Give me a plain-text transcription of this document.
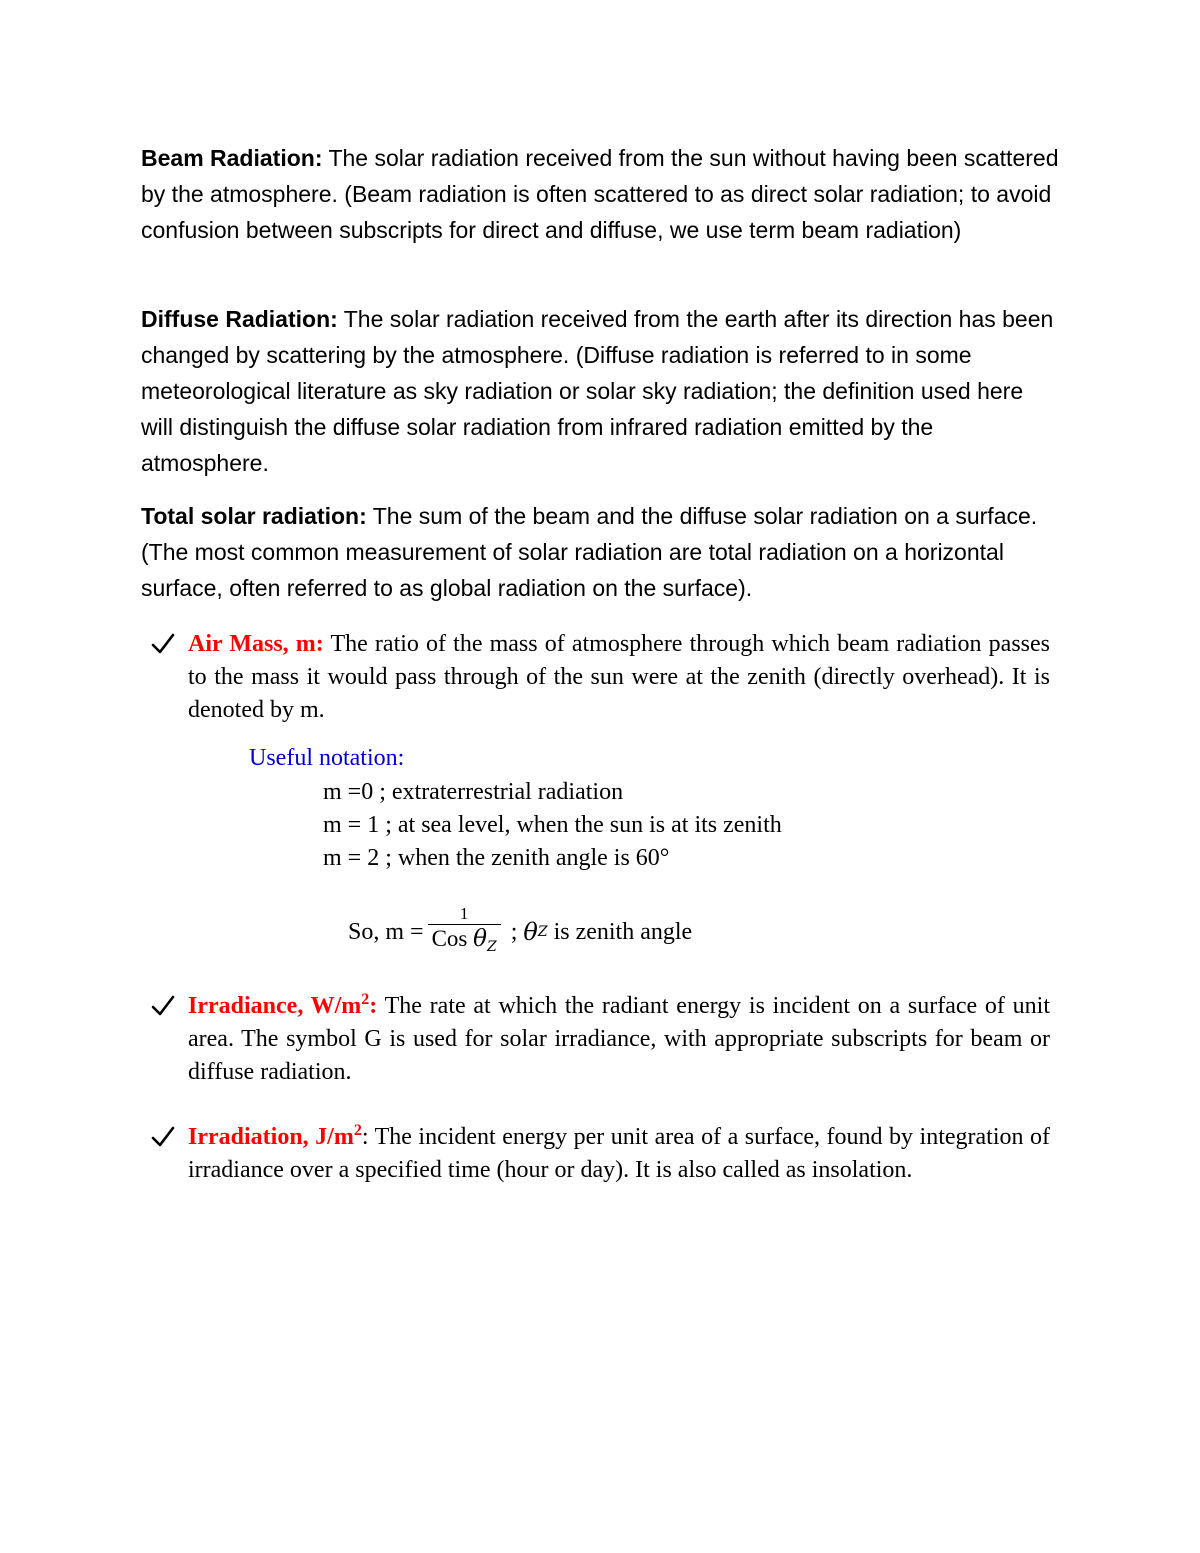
Beam Radiation: The solar radiation received from the sun without having been scattered by the atmosphere. (Beam radiation is often scattered to as direct solar radiation; to avoid confusion between subscripts for direct and diffuse, we use term beam radiation)

Diffuse Radiation: The solar radiation received from the earth after its direction has been changed by scattering by the atmosphere. (Diffuse radiation is referred to in some meteorological literature as sky radiation or solar sky radiation; the definition used here will distinguish the diffuse solar radiation from infrared radiation emitted by the atmosphere.

Total solar radiation: The sum of the beam and the diffuse solar radiation on a surface. (The most common measurement of solar radiation are total radiation on a horizontal surface, often referred to as global radiation on the surface).

Air Mass, m: The ratio of the mass of atmosphere through which beam radiation passes to the mass it would pass through of the sun were at the zenith (directly overhead). It is denoted by m.

Useful notation:
m =0 ; extraterrestrial radiation
m = 1 ; at sea level, when the sun is at its zenith
m = 2 ; when the zenith angle is 60°
So, $m = \frac{1}{Cos \theta_Z}$ ;
θ Z
is zenith angle

Irradiance, $W/m^2$: The rate at which the radiant energy is incident on a surface of unit area. The symbol G is used for solar irradiance, with appropriate subscripts for beam or diffuse radiation.

Irradiation, $J/m^2$: The incident energy per unit area of a surface, found by integration of irradiance over a specified time (hour or day). It is also called as insolation.
